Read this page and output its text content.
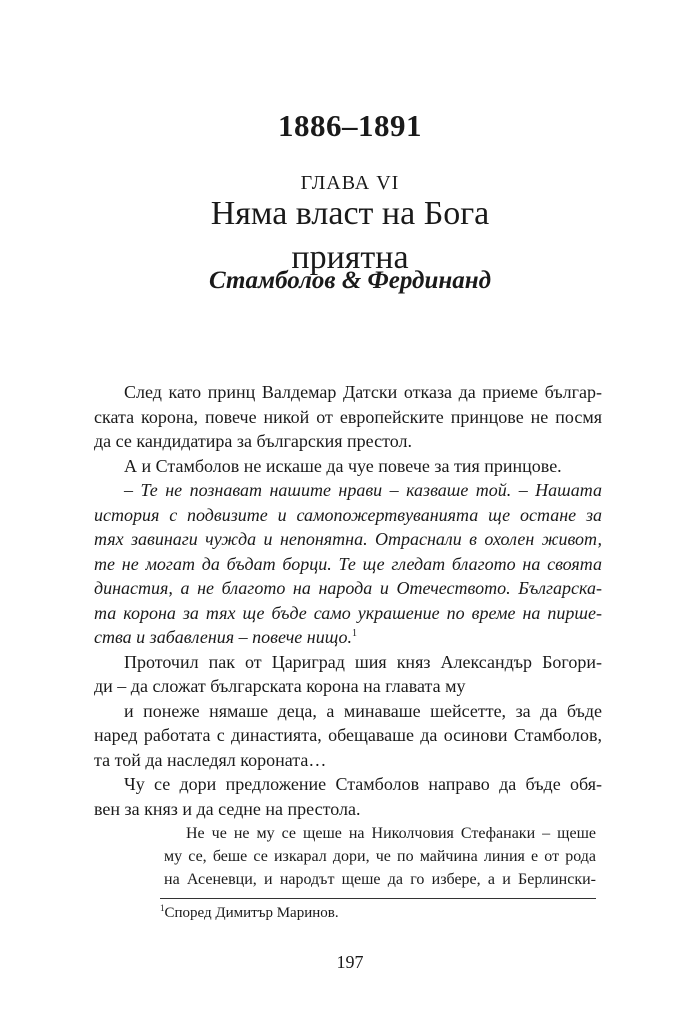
1886–1891
ГЛАВА VI
Няма власт на Бога
приятна
Стамболов & Фердинанд

След като принц Валдемар Датски отказа да приеме българ-

ската корона, повече никой от европейските принцове не посмя

да се кандидатира за българския престол.

А и Стамболов не искаше да чуе повече за тия принцове.

– Те не познават нашите нрави – казваше той. – Нашата

история с подвизите и самопожертвуванията ще остане за

тях завинаги чужда и непонятна. Отраснали в охолен живот,

те не могат да бъдат борци. Те ще гледат благото на своята

династия, а не благото на народа и Отечеството. Българска-

та корона за тях ще бъде само украшение по време на пирше-

ства и забавления – повече нищо.$^1$

Проточил пак от Цариград шия княз Александър Богори-

ди – да сложат българската корона на главата му

и понеже нямаше деца, а минаваше шейсетте, за да бъде

наред работата с династията, обещаваше да осинови Стамболов,

та той да наследял короната…

Чу се дори предложение Стамболов направо да бъде обя-

вен за княз и да седне на престола.

Не че не му се щеше на Николчовия Стефанаки – щеше

му се, беше се изкарал дори, че по майчина линия е от рода

на Асеневци, и народът щеше да го избере, а и Берлински-

$^1$Според Димитър Маринов.
197
